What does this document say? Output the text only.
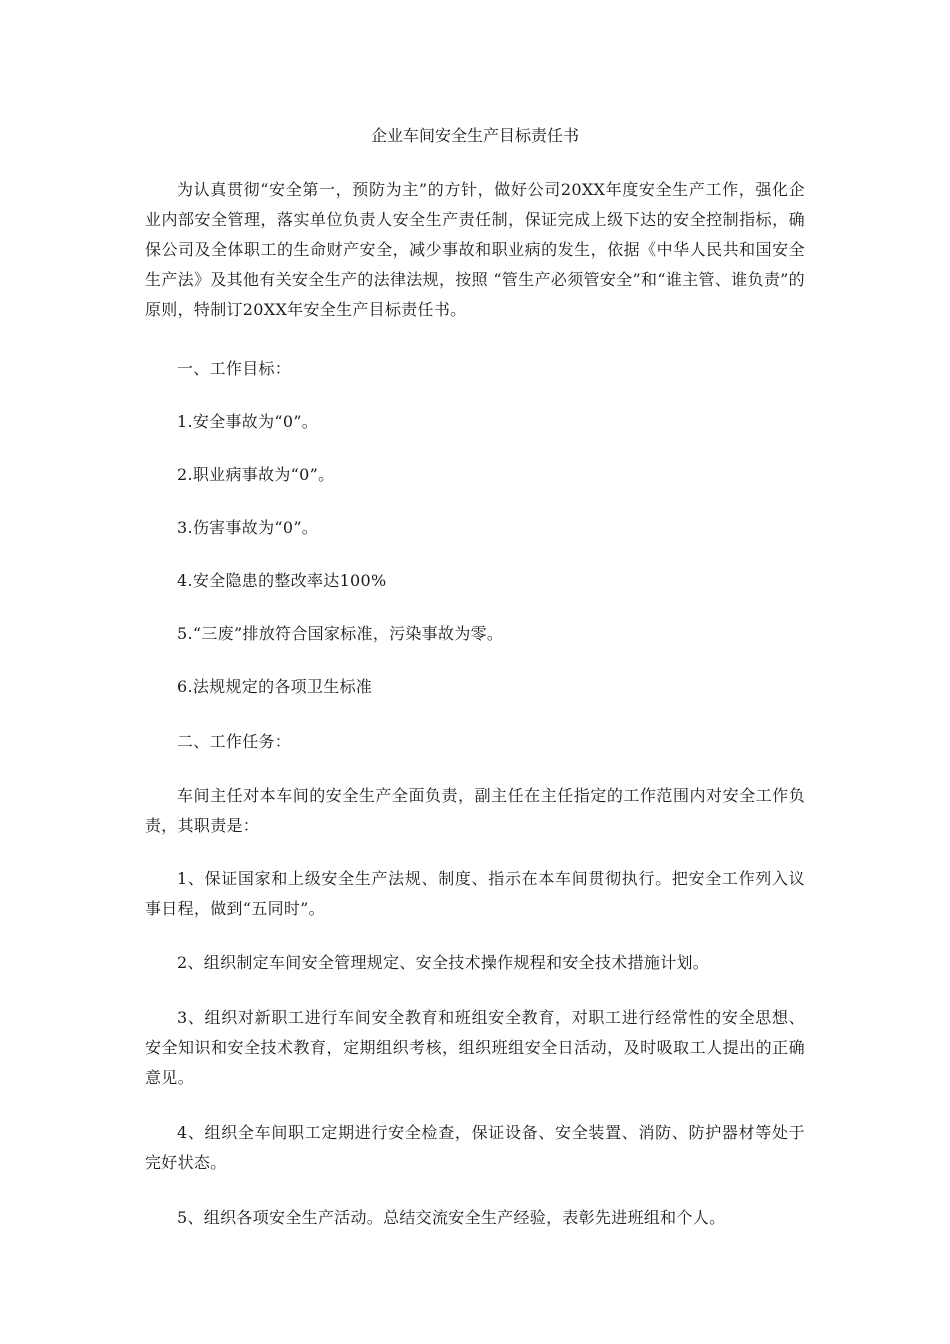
企业车间安全生产目标责任书

为认真贯彻“安全第一，预防为主”的方针，做好公司20XX年度安全生产工作，强化企业内部安全管理，落实单位负责人安全生产责任制，保证完成上级下达的安全控制指标，确保公司及全体职工的生命财产安全，减少事故和职业病的发生，依据《中华人民共和国安全生产法》及其他有关安全生产的法律法规，按照 “管生产必须管安全”和“谁主管、谁负责”的原则，特制订20XX年安全生产目标责任书。

一、工作目标：

1.安全事故为“0”。

2.职业病事故为“0”。

3.伤害事故为“0”。

4.安全隐患的整改率达100%

5.“三废”排放符合国家标准，污染事故为零。

6.法规规定的各项卫生标准

二、工作任务：

车间主任对本车间的安全生产全面负责，副主任在主任指定的工作范围内对安全工作负责，其职责是：

1、保证国家和上级安全生产法规、制度、指示在本车间贯彻执行。把安全工作列入议事日程，做到“五同时”。

2、组织制定车间安全管理规定、安全技术操作规程和安全技术措施计划。

3、组织对新职工进行车间安全教育和班组安全教育，对职工进行经常性的安全思想、安全知识和安全技术教育，定期组织考核，组织班组安全日活动，及时吸取工人提出的正确意见。

4、组织全车间职工定期进行安全检查，保证设备、安全装置、消防、防护器材等处于完好状态。

5、组织各项安全生产活动。总结交流安全生产经验，表彰先进班组和个人。
